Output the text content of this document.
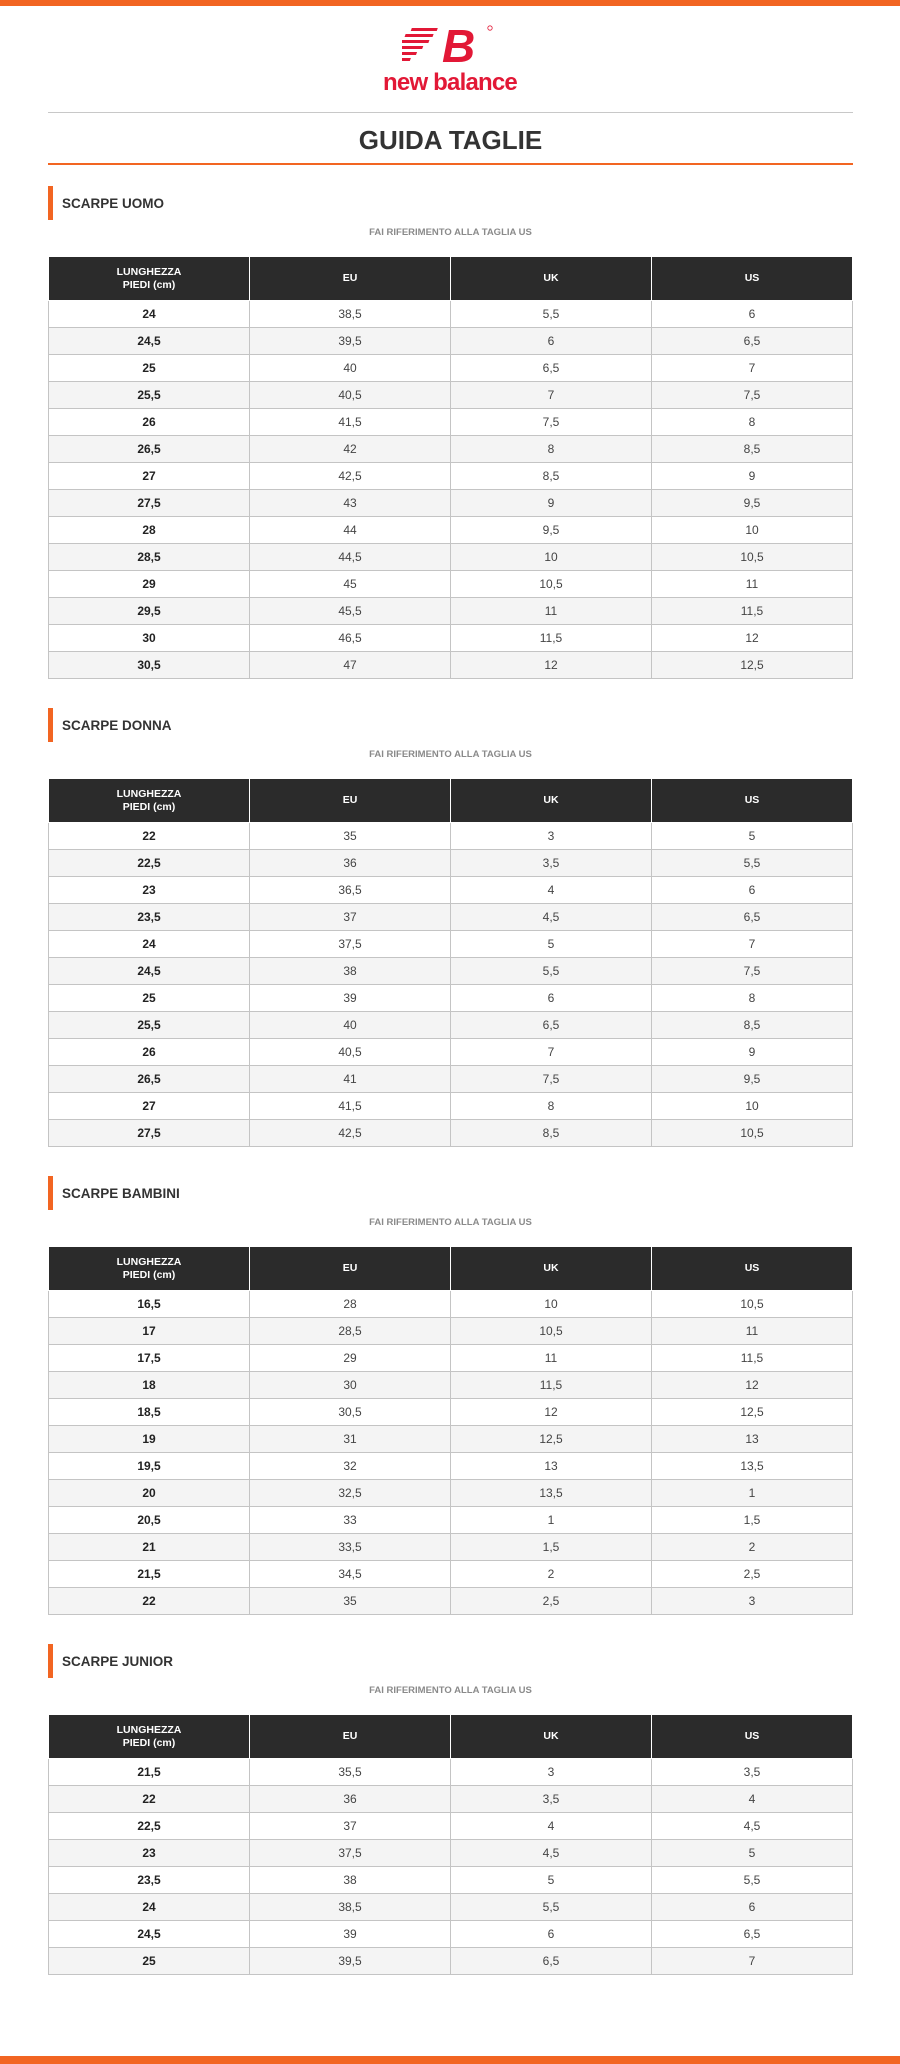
B
new balance
GUIDA TAGLIE
SCARPE UOMO
FAI RIFERIMENTO ALLA TAGLIA US
LUNGHEZZA
PIEDI (cm)	EU	UK	US
24	38,5	5,5	6
24,5	39,5	6	6,5
25	40	6,5	7
25,5	40,5	7	7,5
26	41,5	7,5	8
26,5	42	8	8,5
27	42,5	8,5	9
27,5	43	9	9,5
28	44	9,5	10
28,5	44,5	10	10,5
29	45	10,5	11
29,5	45,5	11	11,5
30	46,5	11,5	12
30,5	47	12	12,5
SCARPE DONNA
FAI RIFERIMENTO ALLA TAGLIA US
LUNGHEZZA
PIEDI (cm)	EU	UK	US
22	35	3	5
22,5	36	3,5	5,5
23	36,5	4	6
23,5	37	4,5	6,5
24	37,5	5	7
24,5	38	5,5	7,5
25	39	6	8
25,5	40	6,5	8,5
26	40,5	7	9
26,5	41	7,5	9,5
27	41,5	8	10
27,5	42,5	8,5	10,5
SCARPE BAMBINI
FAI RIFERIMENTO ALLA TAGLIA US
LUNGHEZZA
PIEDI (cm)	EU	UK	US
16,5	28	10	10,5
17	28,5	10,5	11
17,5	29	11	11,5
18	30	11,5	12
18,5	30,5	12	12,5
19	31	12,5	13
19,5	32	13	13,5
20	32,5	13,5	1
20,5	33	1	1,5
21	33,5	1,5	2
21,5	34,5	2	2,5
22	35	2,5	3
SCARPE JUNIOR
FAI RIFERIMENTO ALLA TAGLIA US
LUNGHEZZA
PIEDI (cm)	EU	UK	US
21,5	35,5	3	3,5
22	36	3,5	4
22,5	37	4	4,5
23	37,5	4,5	5
23,5	38	5	5,5
24	38,5	5,5	6
24,5	39	6	6,5
25	39,5	6,5	7
